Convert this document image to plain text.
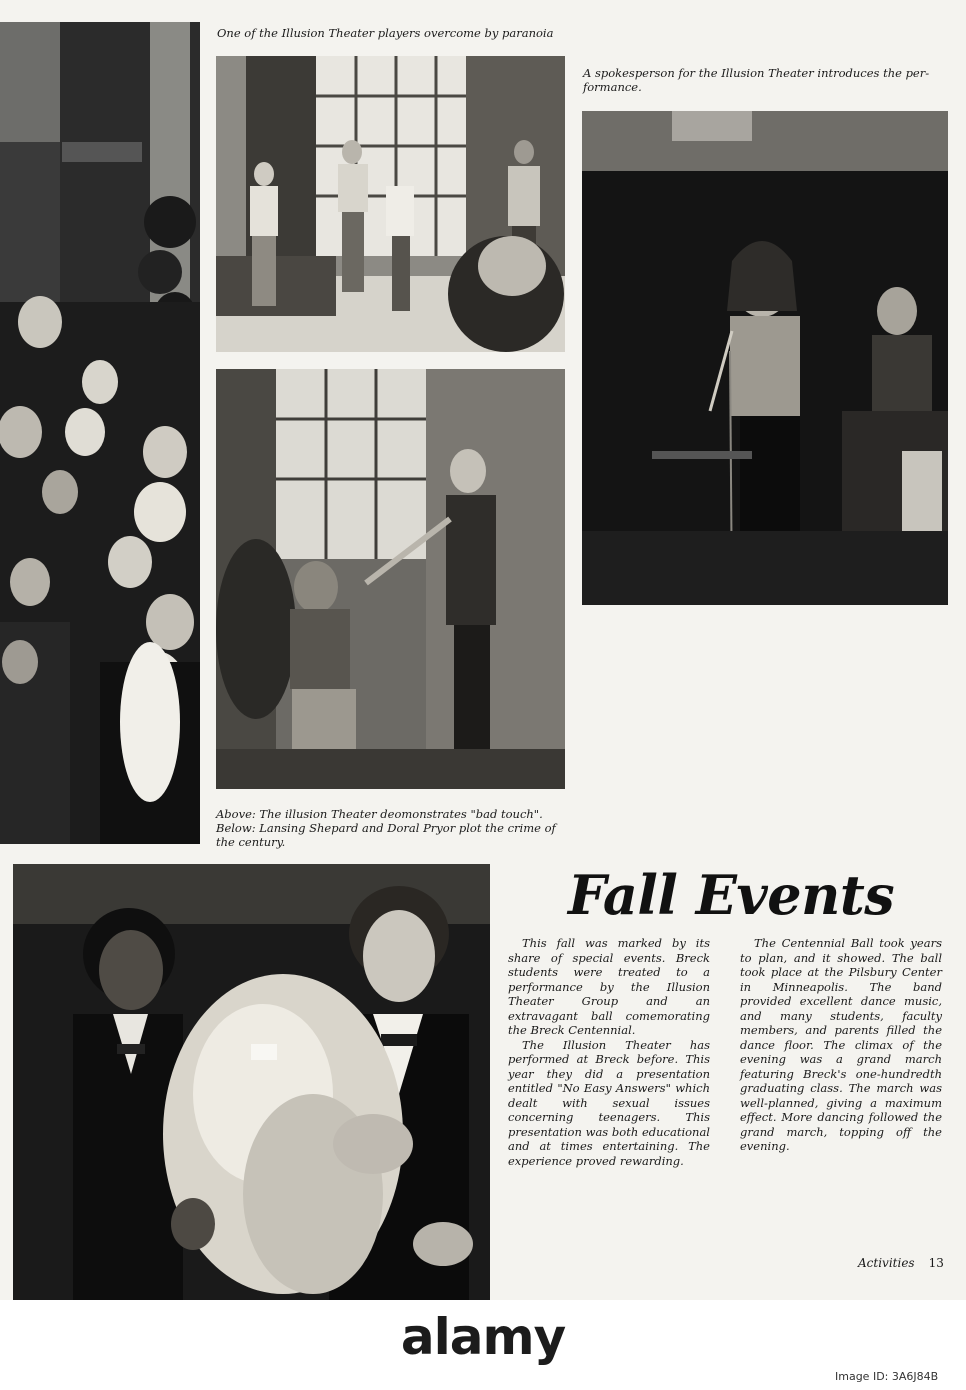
One of the Illusion Theater players overcome by paranoia

A spokesperson for the Illusion Theater introduces the per-
formance.

Above: The illusion Theater deomonstrates "bad touch".
Below: Lansing Shepard and Doral Pryor plot the crime of
the century.

Fall Events

This fall was marked by its share of special events. Breck students were treated to a performance by the Illusion Theater Group and an extravagant ball comemorating the Breck Centennial.

The Illusion Theater has performed at Breck before. This year they did a presentation entitled "No Easy Answers" which dealt with sexual issues concerning teenagers. This presentation was both educational and at times entertaining. The experience proved rewarding.

The Centennial Ball took years to plan, and it showed. The ball took place at the Pilsbury Center in Minneapolis. The band provided excellent dance music, and many students, faculty members, and parents filled the dance floor. The climax of the evening was a grand march featuring Breck's one-hundredth graduating class. The march was well-planned, giving a maximum effect. More dancing followed the grand march, topping off the evening.

Activities 13
alamy
Image ID: 3A6J84B
